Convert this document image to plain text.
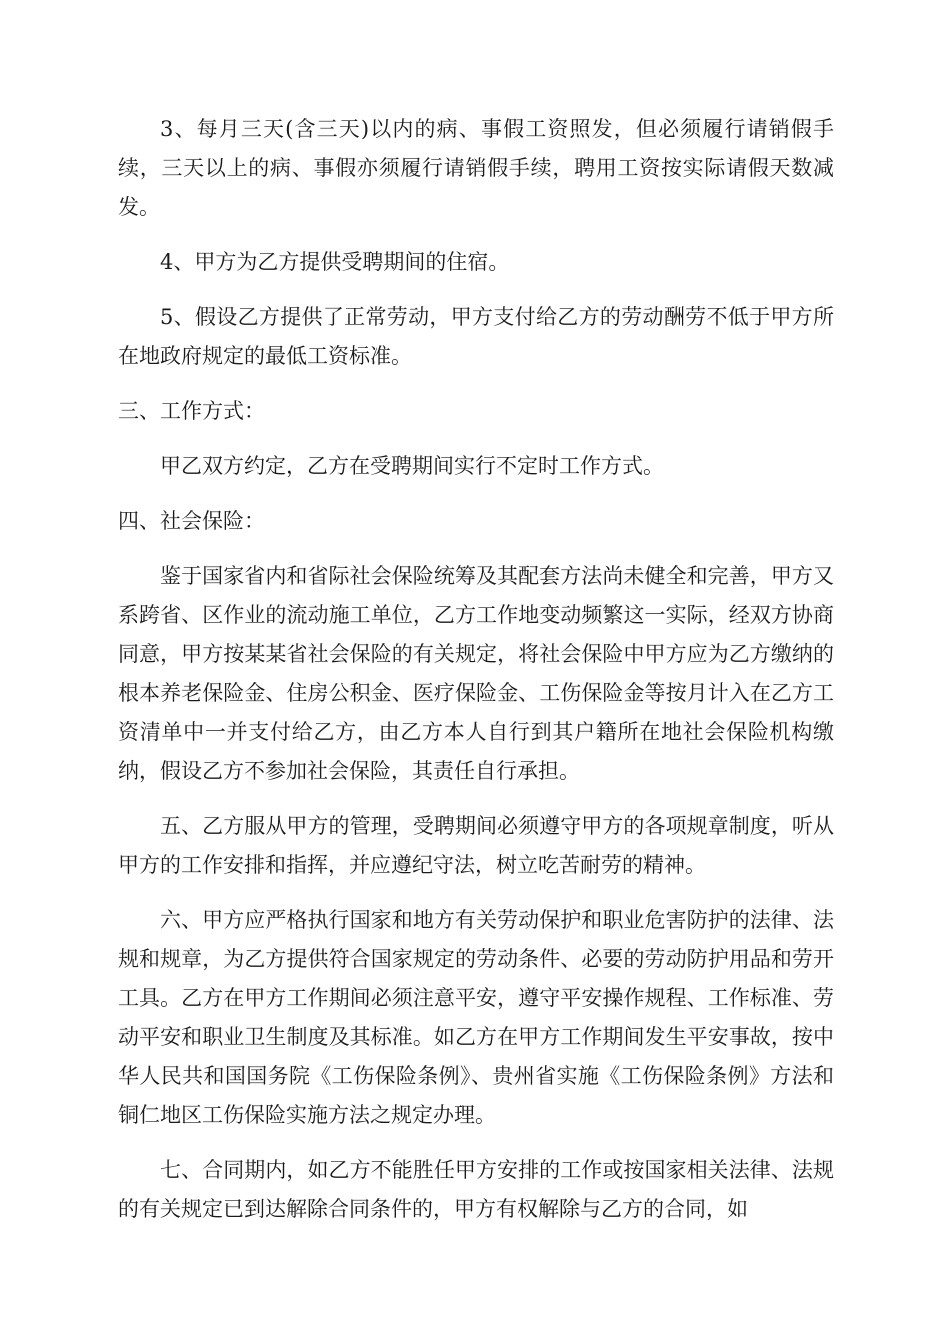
3、每月三天(含三天)以内的病、事假工资照发，但必须履行请销假手续，三天以上的病、事假亦须履行请销假手续，聘用工资按实际请假天数减发。

4、甲方为乙方提供受聘期间的住宿。

5、假设乙方提供了正常劳动，甲方支付给乙方的劳动酬劳不低于甲方所在地政府规定的最低工资标准。

三、工作方式：

甲乙双方约定，乙方在受聘期间实行不定时工作方式。

四、社会保险：

鉴于国家省内和省际社会保险统筹及其配套方法尚未健全和完善，甲方又系跨省、区作业的流动施工单位，乙方工作地变动频繁这一实际，经双方协商同意，甲方按某某省社会保险的有关规定，将社会保险中甲方应为乙方缴纳的根本养老保险金、住房公积金、医疗保险金、工伤保险金等按月计入在乙方工资清单中一并支付给乙方，由乙方本人自行到其户籍所在地社会保险机构缴纳，假设乙方不参加社会保险，其责任自行承担。

五、乙方服从甲方的管理，受聘期间必须遵守甲方的各项规章制度，听从甲方的工作安排和指挥，并应遵纪守法，树立吃苦耐劳的精神。

六、甲方应严格执行国家和地方有关劳动保护和职业危害防护的法律、法规和规章，为乙方提供符合国家规定的劳动条件、必要的劳动防护用品和劳开工具。乙方在甲方工作期间必须注意平安，遵守平安操作规程、工作标准、劳动平安和职业卫生制度及其标准。如乙方在甲方工作期间发生平安事故，按中华人民共和国国务院《工伤保险条例》、贵州省实施《工伤保险条例》方法和铜仁地区工伤保险实施方法之规定办理。

七、合同期内，如乙方不能胜任甲方安排的工作或按国家相关法律、法规的有关规定已到达解除合同条件的，甲方有权解除与乙方的合同，如
